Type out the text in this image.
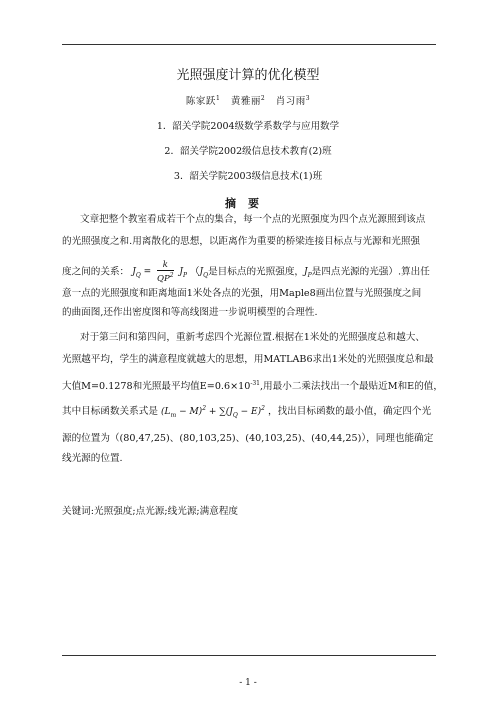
光照强度计算的优化模型
陈家跃$^1$ 黄雅丽$^2$ 肖习雨$^3$
1．韶关学院2004级数学系数学与应用数学
2．韶关学院2002级信息技术教育(2)班
3．韶关学院2003级信息技术(1)班
摘要
文章把整个教室看成若干个点的集合，每一个点的光照强度为四个点光源照到该点
的光照强度之和.用离散化的思想，以距离作为重要的桥梁连接目标点与光源和光照强
度之间的关系： $J_Q = \frac{k}{QP^2} J_P$ （$J_Q$是目标点的光照强度，$J_P$是四点光源的光强）.算出任
意一点的光照强度和距离地面1米处各点的光强，用Maple8画出位置与光照强度之间
的曲面图,还作出密度图和等高线图进一步说明模型的合理性.
对于第三问和第四问，重新考虑四个光源位置.根据在1米处的光照强度总和越大、
光照越平均，学生的满意程度就越大的思想，用MATLAB6求出1米处的光照强度总和最
大值M=0.1278和光照最平均值$E=0.6\times 10^{-31}$,用最小二乘法找出一个最贴近M和E的值，
其中目标函数关系式是 $(L_m - M)^2 + \sum(J_Q - E)^2$ ，找出目标函数的最小值，确定四个光
源的位置为（(80,47,25)、(80,103,25)、(40,103,25)、(40,44,25)），同理也能确定
线光源的位置.
关键词:光照强度;点光源;线光源;满意程度
- 1 -
